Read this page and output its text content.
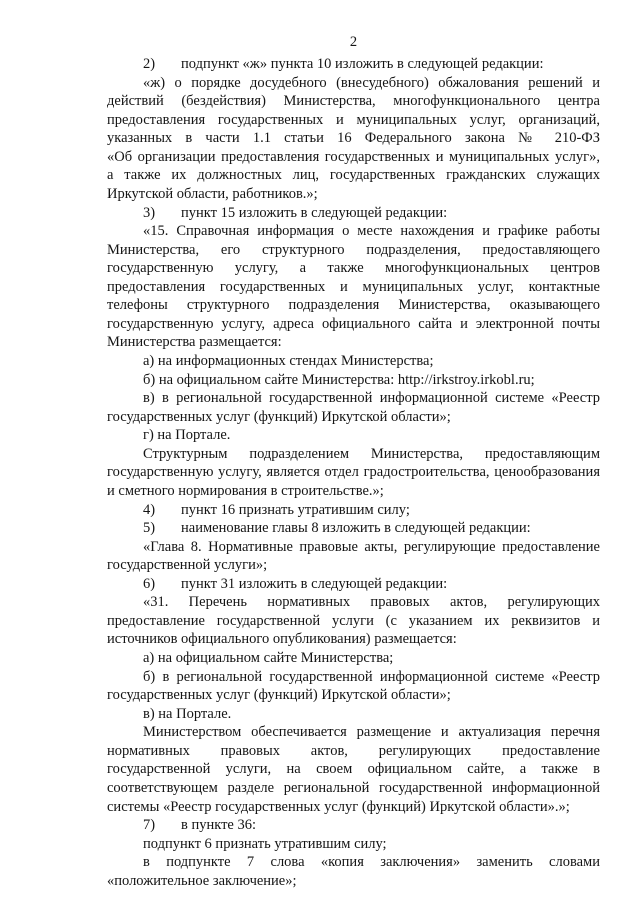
2
2)	подпункт «ж» пункта 10 изложить в следующей редакции:
«ж) о порядке досудебного (внесудебного) обжалования решений и
действий (бездействия) Министерства, многофункционального центра
предоставления государственных и муниципальных услуг, организаций,
указанных в части 1.1 статьи 16 Федерального закона № 210-ФЗ
«Об организации предоставления государственных и муниципальных услуг»,
а также их должностных лиц, государственных гражданских служащих
Иркутской области, работников.»;
3)	пункт 15 изложить в следующей редакции:
«15. Справочная информация о месте нахождения и графике работы
Министерства, его структурного подразделения, предоставляющего
государственную услугу, а также многофункциональных центров
предоставления государственных и муниципальных услуг, контактные
телефоны структурного подразделения Министерства, оказывающего
государственную услугу, адреса официального сайта и электронной почты
Министерства размещается:
а) на информационных стендах Министерства;
б) на официальном сайте Министерства: http://irkstroy.irkobl.ru;
в) в региональной государственной информационной системе «Реестр
государственных услуг (функций) Иркутской области»;
г) на Портале.
Структурным подразделением Министерства, предоставляющим
государственную услугу, является отдел градостроительства, ценообразования
и сметного нормирования в строительстве.»;
4)	пункт 16 признать утратившим силу;
5)	наименование главы 8 изложить в следующей редакции:
«Глава 8. Нормативные правовые акты, регулирующие предоставление
государственной услуги»;
6)	пункт 31 изложить в следующей редакции:
«31. Перечень нормативных правовых актов, регулирующих
предоставление государственной услуги (с указанием их реквизитов и
источников официального опубликования) размещается:
а) на официальном сайте Министерства;
б) в региональной государственной информационной системе «Реестр
государственных услуг (функций) Иркутской области»;
в) на Портале.
Министерством обеспечивается размещение и актуализация перечня
нормативных правовых актов, регулирующих предоставление
государственной услуги, на своем официальном сайте, а также в
соответствующем разделе региональной государственной информационной
системы «Реестр государственных услуг (функций) Иркутской области».»;
7)	в пункте 36:
подпункт 6 признать утратившим силу;
в подпункте 7 слова «копия заключения» заменить словами
«положительное заключение»;
